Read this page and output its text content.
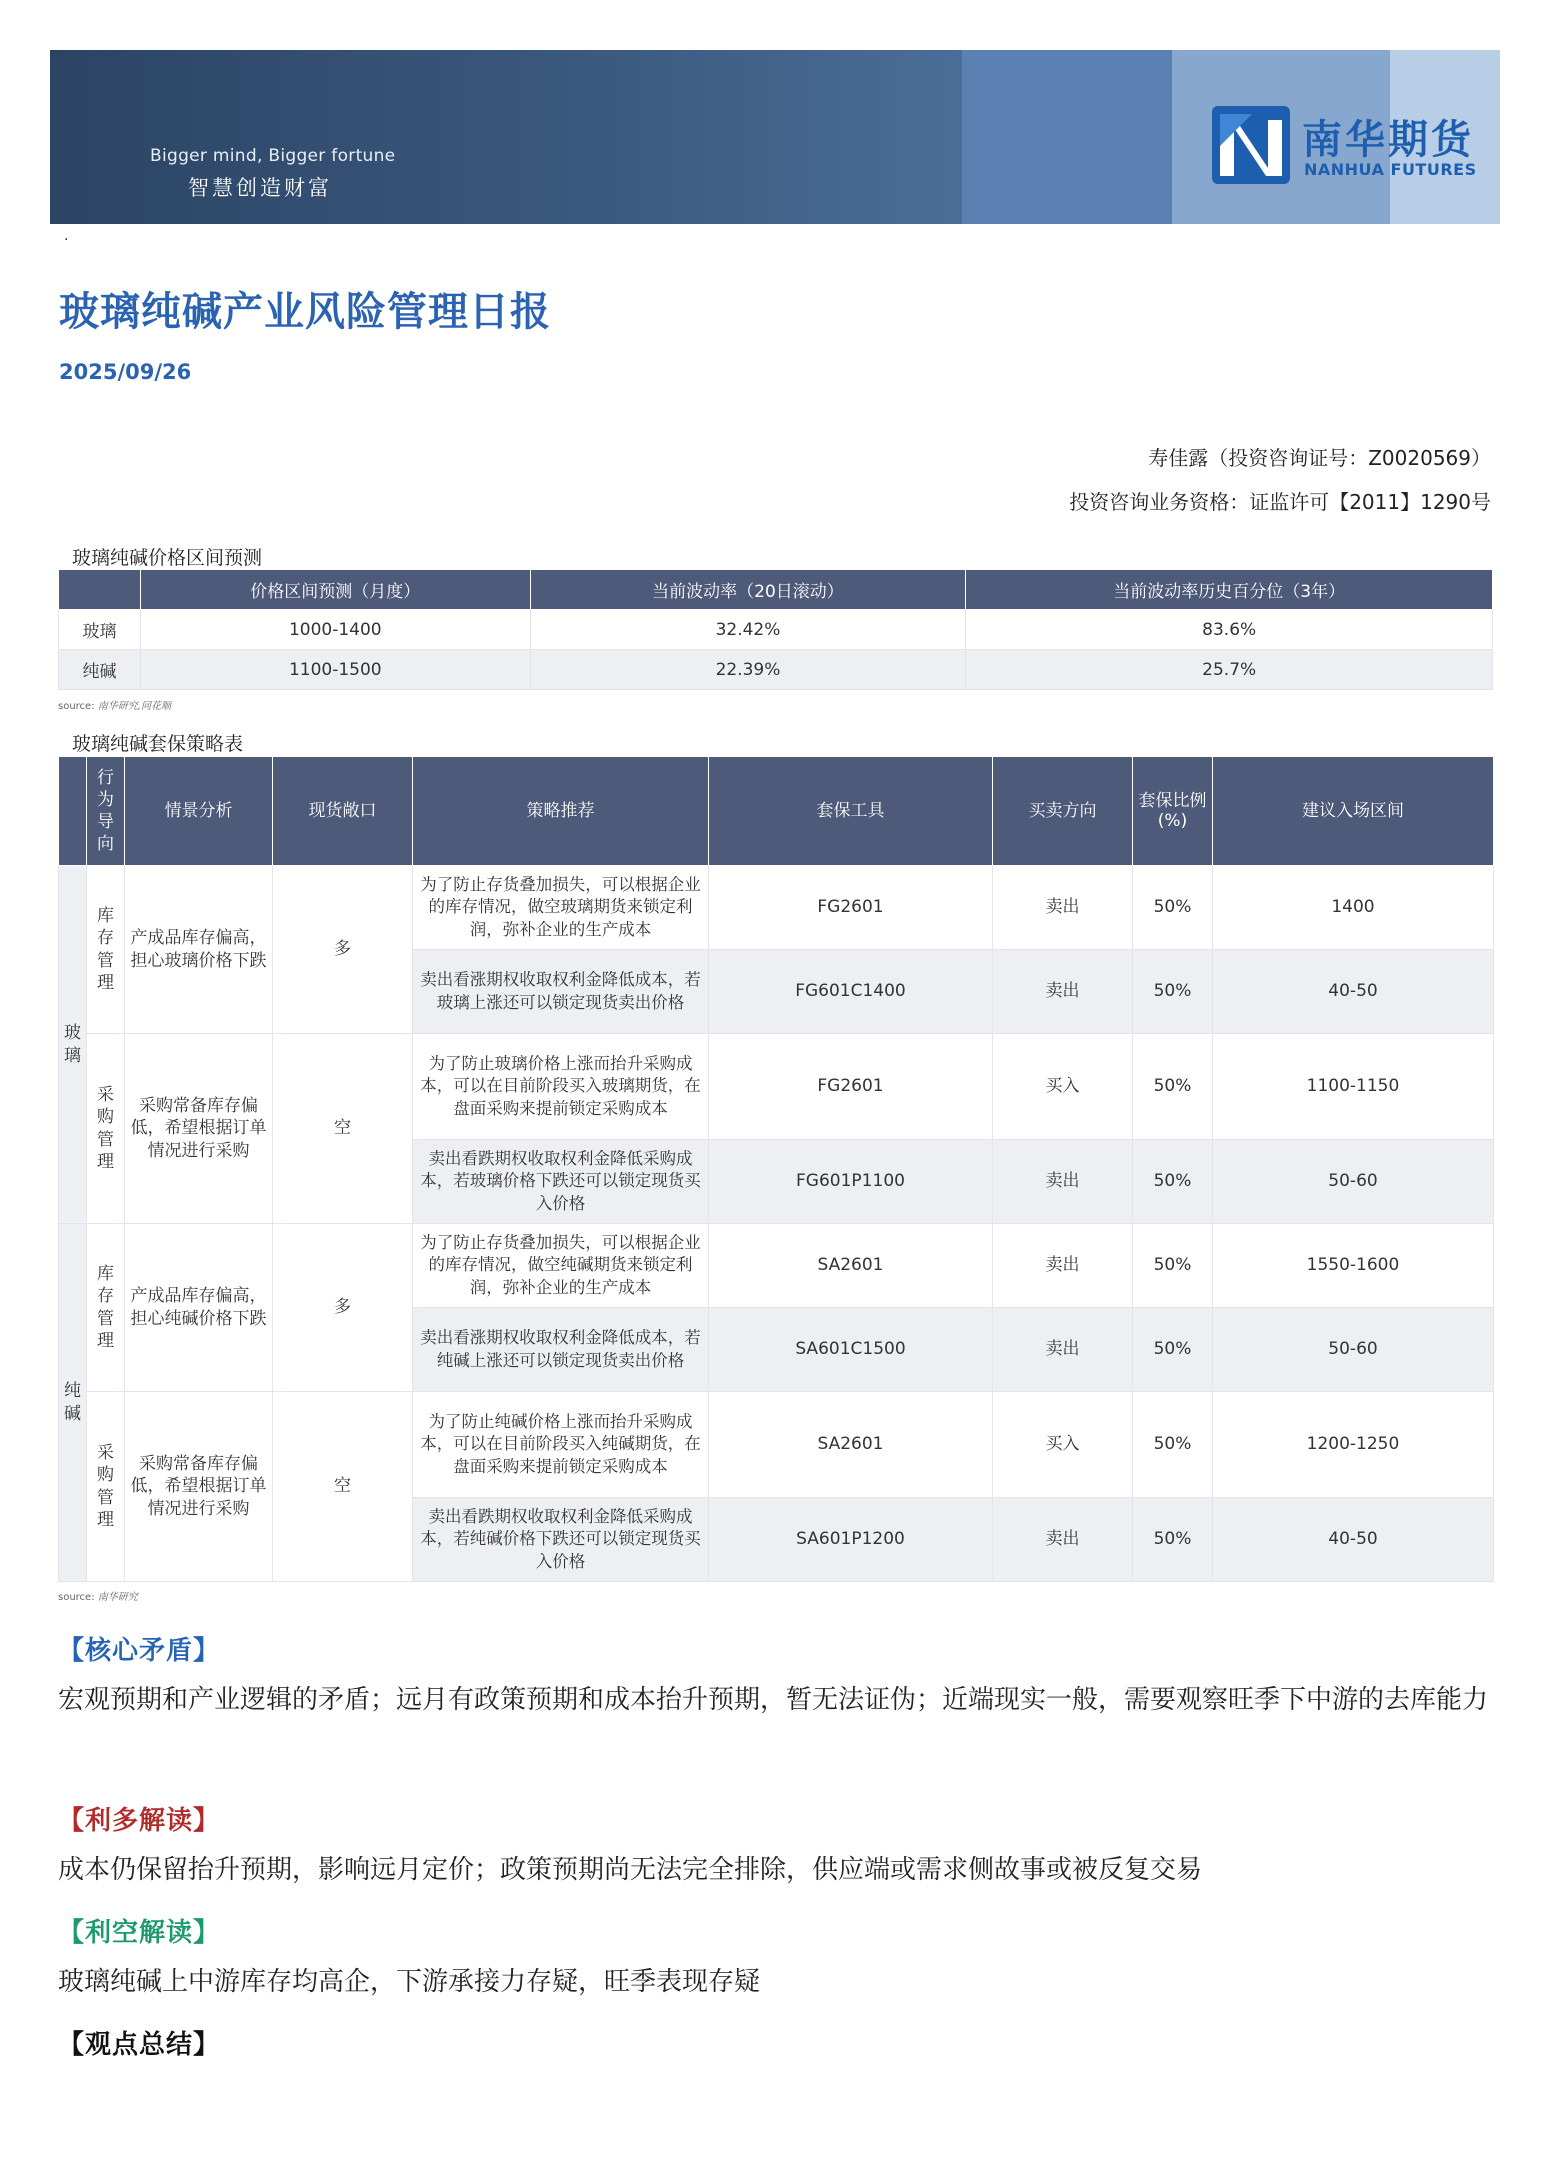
Bigger mind, Bigger fortune
智慧创造财富
南华期货
NANHUA FUTURES
.
玻璃纯碱产业风险管理日报
2025/09/26
寿佳露（投资咨询证号：Z0020569）
投资咨询业务资格：证监许可【2011】1290号
玻璃纯碱价格区间预测
	价格区间预测（月度）	当前波动率（20日滚动）	当前波动率历史百分位（3年）
玻璃	1000-1400	32.42%	83.6%
纯碱	1100-1500	22.39%	25.7%
source: 南华研究,同花顺
玻璃纯碱套保策略表
	行为导向	情景分析	现货敞口	策略推荐	套保工具	买卖方向	套保比例(%)	建议入场区间
玻璃	库存管理	产成品库存偏高，担心玻璃价格下跌	多	为了防止存货叠加损失，可以根据企业的库存情况，做空玻璃期货来锁定利润，弥补企业的生产成本	FG2601	卖出	50%	1400
				卖出看涨期权收取权利金降低成本，若玻璃上涨还可以锁定现货卖出价格	FG601C1400	卖出	50%	40-50
	采购管理	采购常备库存偏低，希望根据订单情况进行采购	空	为了防止玻璃价格上涨而抬升采购成本，可以在目前阶段买入玻璃期货，在盘面采购来提前锁定采购成本	FG2601	买入	50%	1100-1150
				卖出看跌期权收取权利金降低采购成本，若玻璃价格下跌还可以锁定现货买入价格	FG601P1100	卖出	50%	50-60
纯碱	库存管理	产成品库存偏高，担心纯碱价格下跌	多	为了防止存货叠加损失，可以根据企业的库存情况，做空纯碱期货来锁定利润，弥补企业的生产成本	SA2601	卖出	50%	1550-1600
				卖出看涨期权收取权利金降低成本，若纯碱上涨还可以锁定现货卖出价格	SA601C1500	卖出	50%	50-60
	采购管理	采购常备库存偏低，希望根据订单情况进行采购	空	为了防止纯碱价格上涨而抬升采购成本，可以在目前阶段买入纯碱期货，在盘面采购来提前锁定采购成本	SA2601	买入	50%	1200-1250
				卖出看跌期权收取权利金降低采购成本，若纯碱价格下跌还可以锁定现货买入价格	SA601P1200	卖出	50%	40-50
source: 南华研究
【核心矛盾】
宏观预期和产业逻辑的矛盾；远月有政策预期和成本抬升预期，暂无法证伪；近端现实一般，需要观察旺季下中游的去库能力
【利多解读】
成本仍保留抬升预期，影响远月定价；政策预期尚无法完全排除，供应端或需求侧故事或被反复交易
【利空解读】
玻璃纯碱上中游库存均高企，下游承接力存疑，旺季表现存疑
【观点总结】
